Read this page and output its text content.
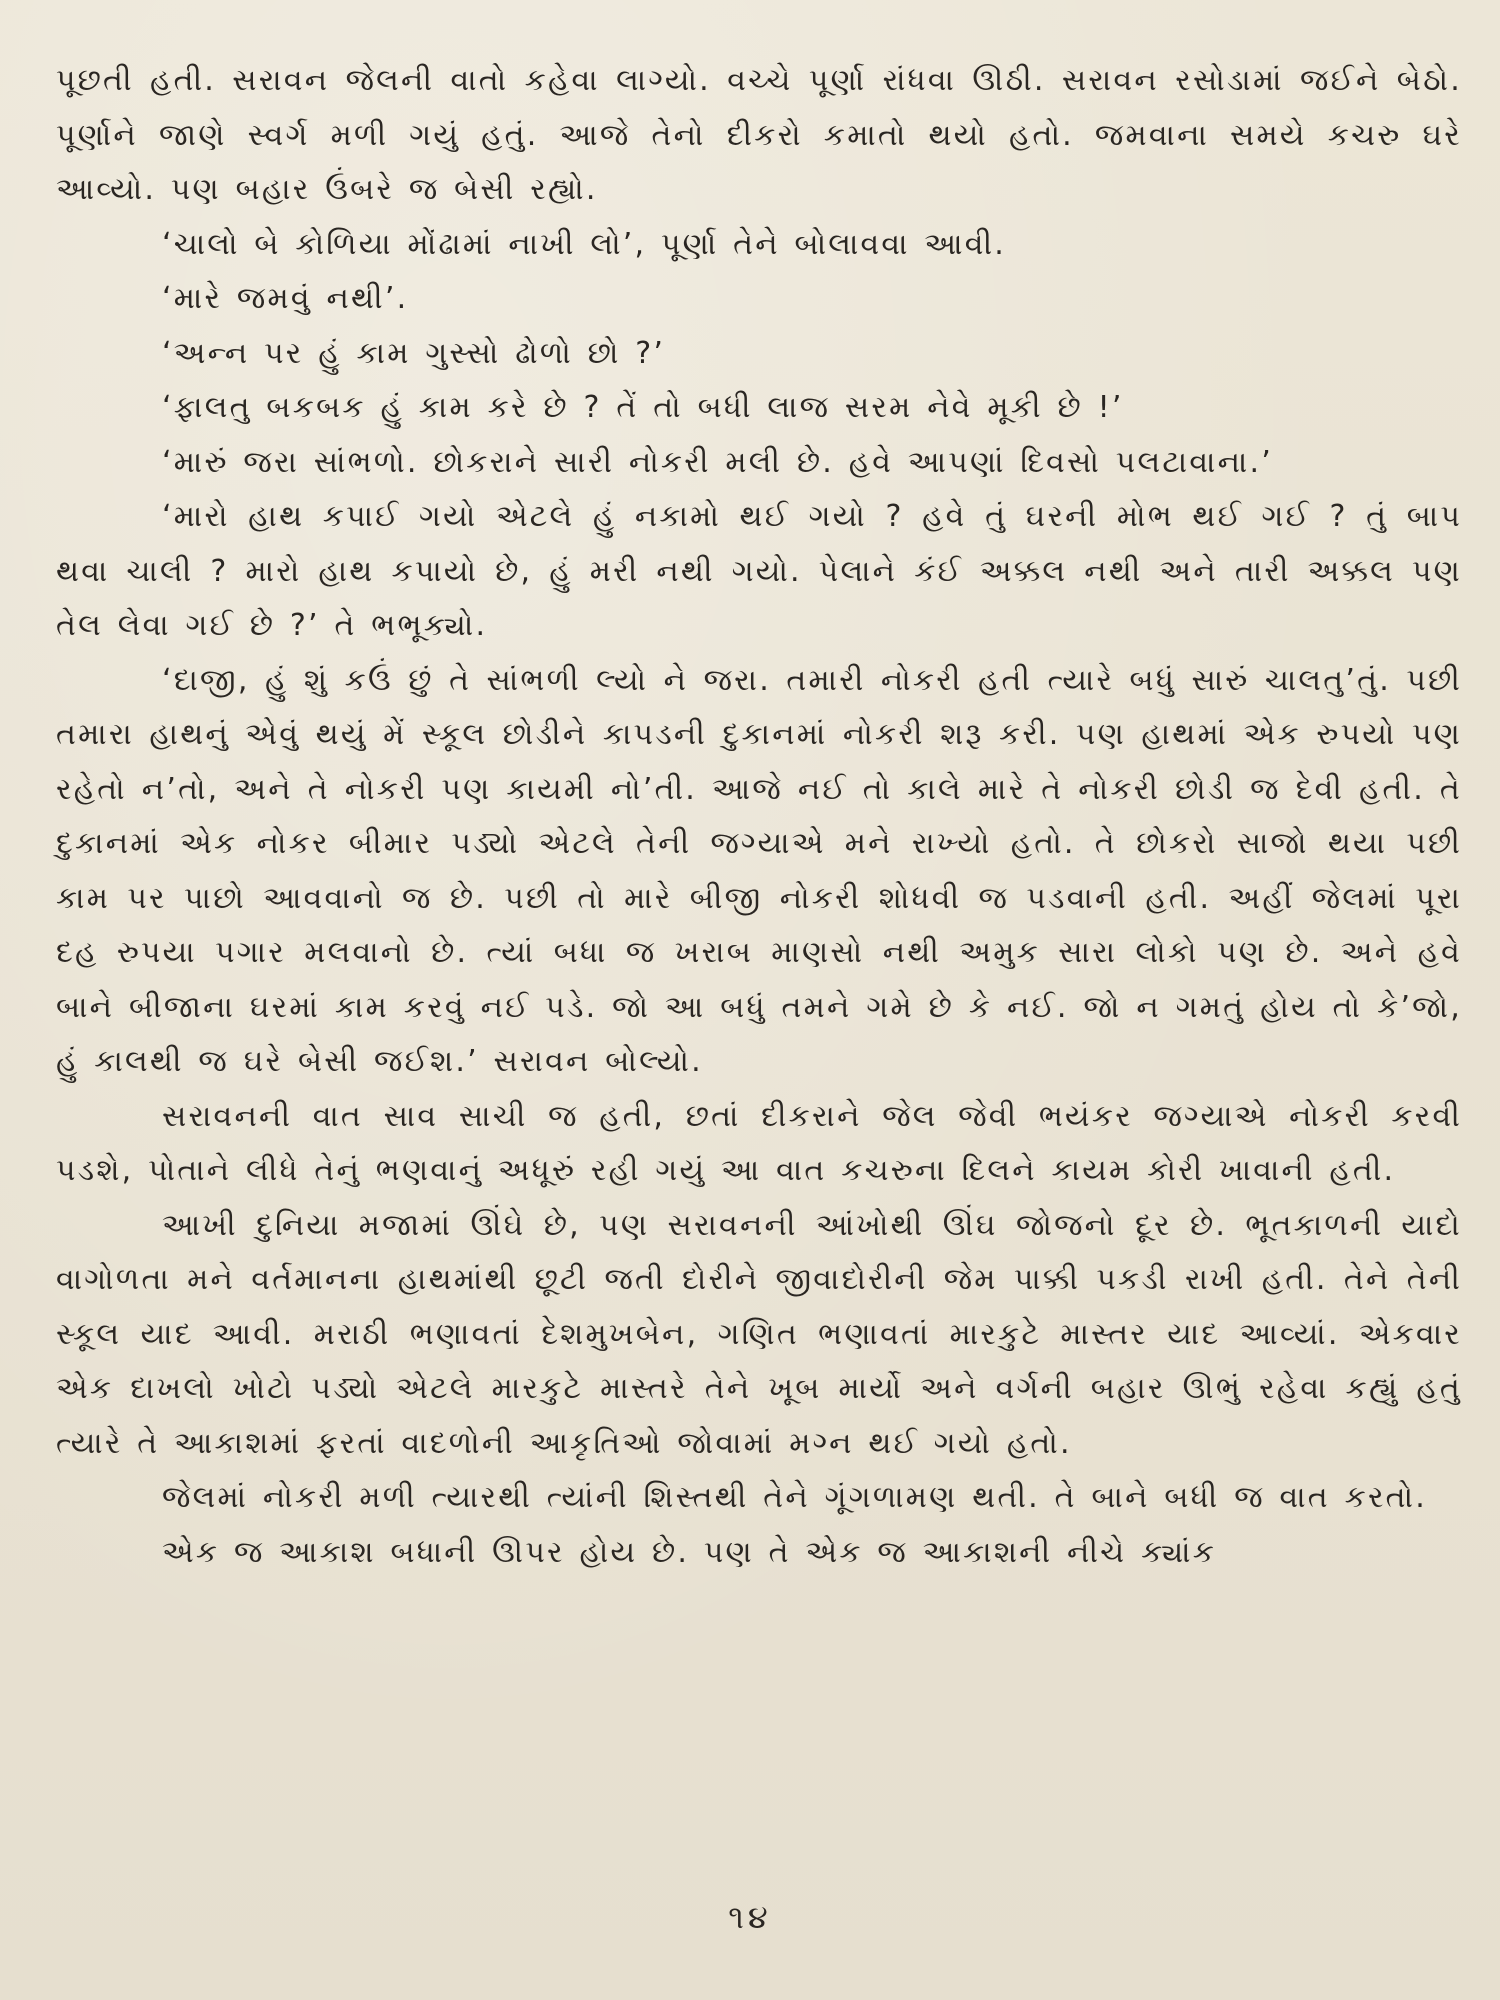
પૂછતી હતી. સરાવન જેલની વાતો કહેવા લાગ્યો. વચ્ચે પૂર્ણા રાંધવા ઊઠી. સરાવન રસોડામાં જઈને બેઠો. પૂર્ણાને જાણે સ્વર્ગ મળી ગયું હતું. આજે તેનો દીકરો કમાતો થયો હતો. જમવાના સમયે કચરુ ઘરે આવ્યો. પણ બહાર ઉંબરે જ બેસી રહ્યો.

‘ચાલો બે કોળિયા મોંઢામાં નાખી લો’, પૂર્ણા તેને બોલાવવા આવી.

‘મારે જમવું નથી’.

‘અન્ન પર હું કામ ગુસ્સો ઢોળો છો ?’

‘ફાલતુ બકબક હું કામ કરે છે ? તેં તો બધી લાજ સરમ નેવે મૂકી છે !’

‘મારું જરા સાંભળો. છોકરાને સારી નોકરી મલી છે. હવે આપણાં દિવસો પલટાવાના.’

‘મારો હાથ કપાઈ ગયો એટલે હું નકામો થઈ ગયો ? હવે તું ઘરની મોભ થઈ ગઈ ? તું બાપ થવા ચાલી ? મારો હાથ કપાયો છે, હું મરી નથી ગયો. પેલાને કંઈ અક્કલ નથી અને તારી અક્કલ પણ તેલ લેવા ગઈ છે ?’ તે ભભૂક્યો.

‘દાજી, હું શું કઉં છું તે સાંભળી લ્યો ને જરા. તમારી નોકરી હતી ત્યારે બધું સારું ચાલતુ’તું. પછી તમારા હાથનું એવું થયું મેં સ્કૂલ છોડીને કાપડની દુકાનમાં નોકરી શરૂ કરી. પણ હાથમાં એક રુપયો પણ રહેતો ન’તો, અને તે નોકરી પણ કાયમી નો’તી. આજે નઈ તો કાલે મારે તે નોકરી છોડી જ દેવી હતી. તે દુકાનમાં એક નોકર બીમાર પડ્યો એટલે તેની જગ્યાએ મને રાખ્યો હતો. તે છોકરો સાજો થયા પછી કામ પર પાછો આવવાનો જ છે. પછી તો મારે બીજી નોકરી શોધવી જ પડવાની હતી. અહીં જેલમાં પૂરા દહ રુપયા પગાર મલવાનો છે. ત્યાં બધા જ ખરાબ માણસો નથી અમુક સારા લોકો પણ છે. અને હવે બાને બીજાના ઘરમાં કામ કરવું નઈ પડે. જો આ બધું તમને ગમે છે કે નઈ. જો ન ગમતું હોય તો કે’જો, હું કાલથી જ ઘરે બેસી જઈશ.’ સરાવન બોલ્યો.

સરાવનની વાત સાવ સાચી જ હતી, છતાં દીકરાને જેલ જેવી ભયંકર જગ્યાએ નોકરી કરવી પડશે, પોતાને લીધે તેનું ભણવાનું અધૂરું રહી ગયું આ વાત કચરુના દિલને કાયમ કોરી ખાવાની હતી.

આખી દુનિયા મજામાં ઊંઘે છે, પણ સરાવનની આંખોથી ઊંઘ જોજનો દૂર છે. ભૂતકાળની યાદો વાગોળતા મને વર્તમાનના હાથમાંથી છૂટી જતી દોરીને જીવાદોરીની જેમ પાક્કી પકડી રાખી હતી. તેને તેની સ્કૂલ યાદ આવી. મરાઠી ભણાવતાં દેશમુખબેન, ગણિત ભણાવતાં મારકુટે માસ્તર યાદ આવ્યાં. એકવાર એક દાખલો ખોટો પડ્યો એટલે મારકુટે માસ્તરે તેને ખૂબ માર્યો અને વર્ગની બહાર ઊભું રહેવા કહ્યું હતું ત્યારે તે આકાશમાં ફરતાં વાદળોની આકૃતિઓ જોવામાં મગ્ન થઈ ગયો હતો.

જેલમાં નોકરી મળી ત્યારથી ત્યાંની શિસ્તથી તેને ગૂંગળામણ થતી. તે બાને બધી જ વાત કરતો.

એક જ આકાશ બધાની ઊપર હોય છે. પણ તે એક જ આકાશની નીચે ક્યાંક

૧૪
